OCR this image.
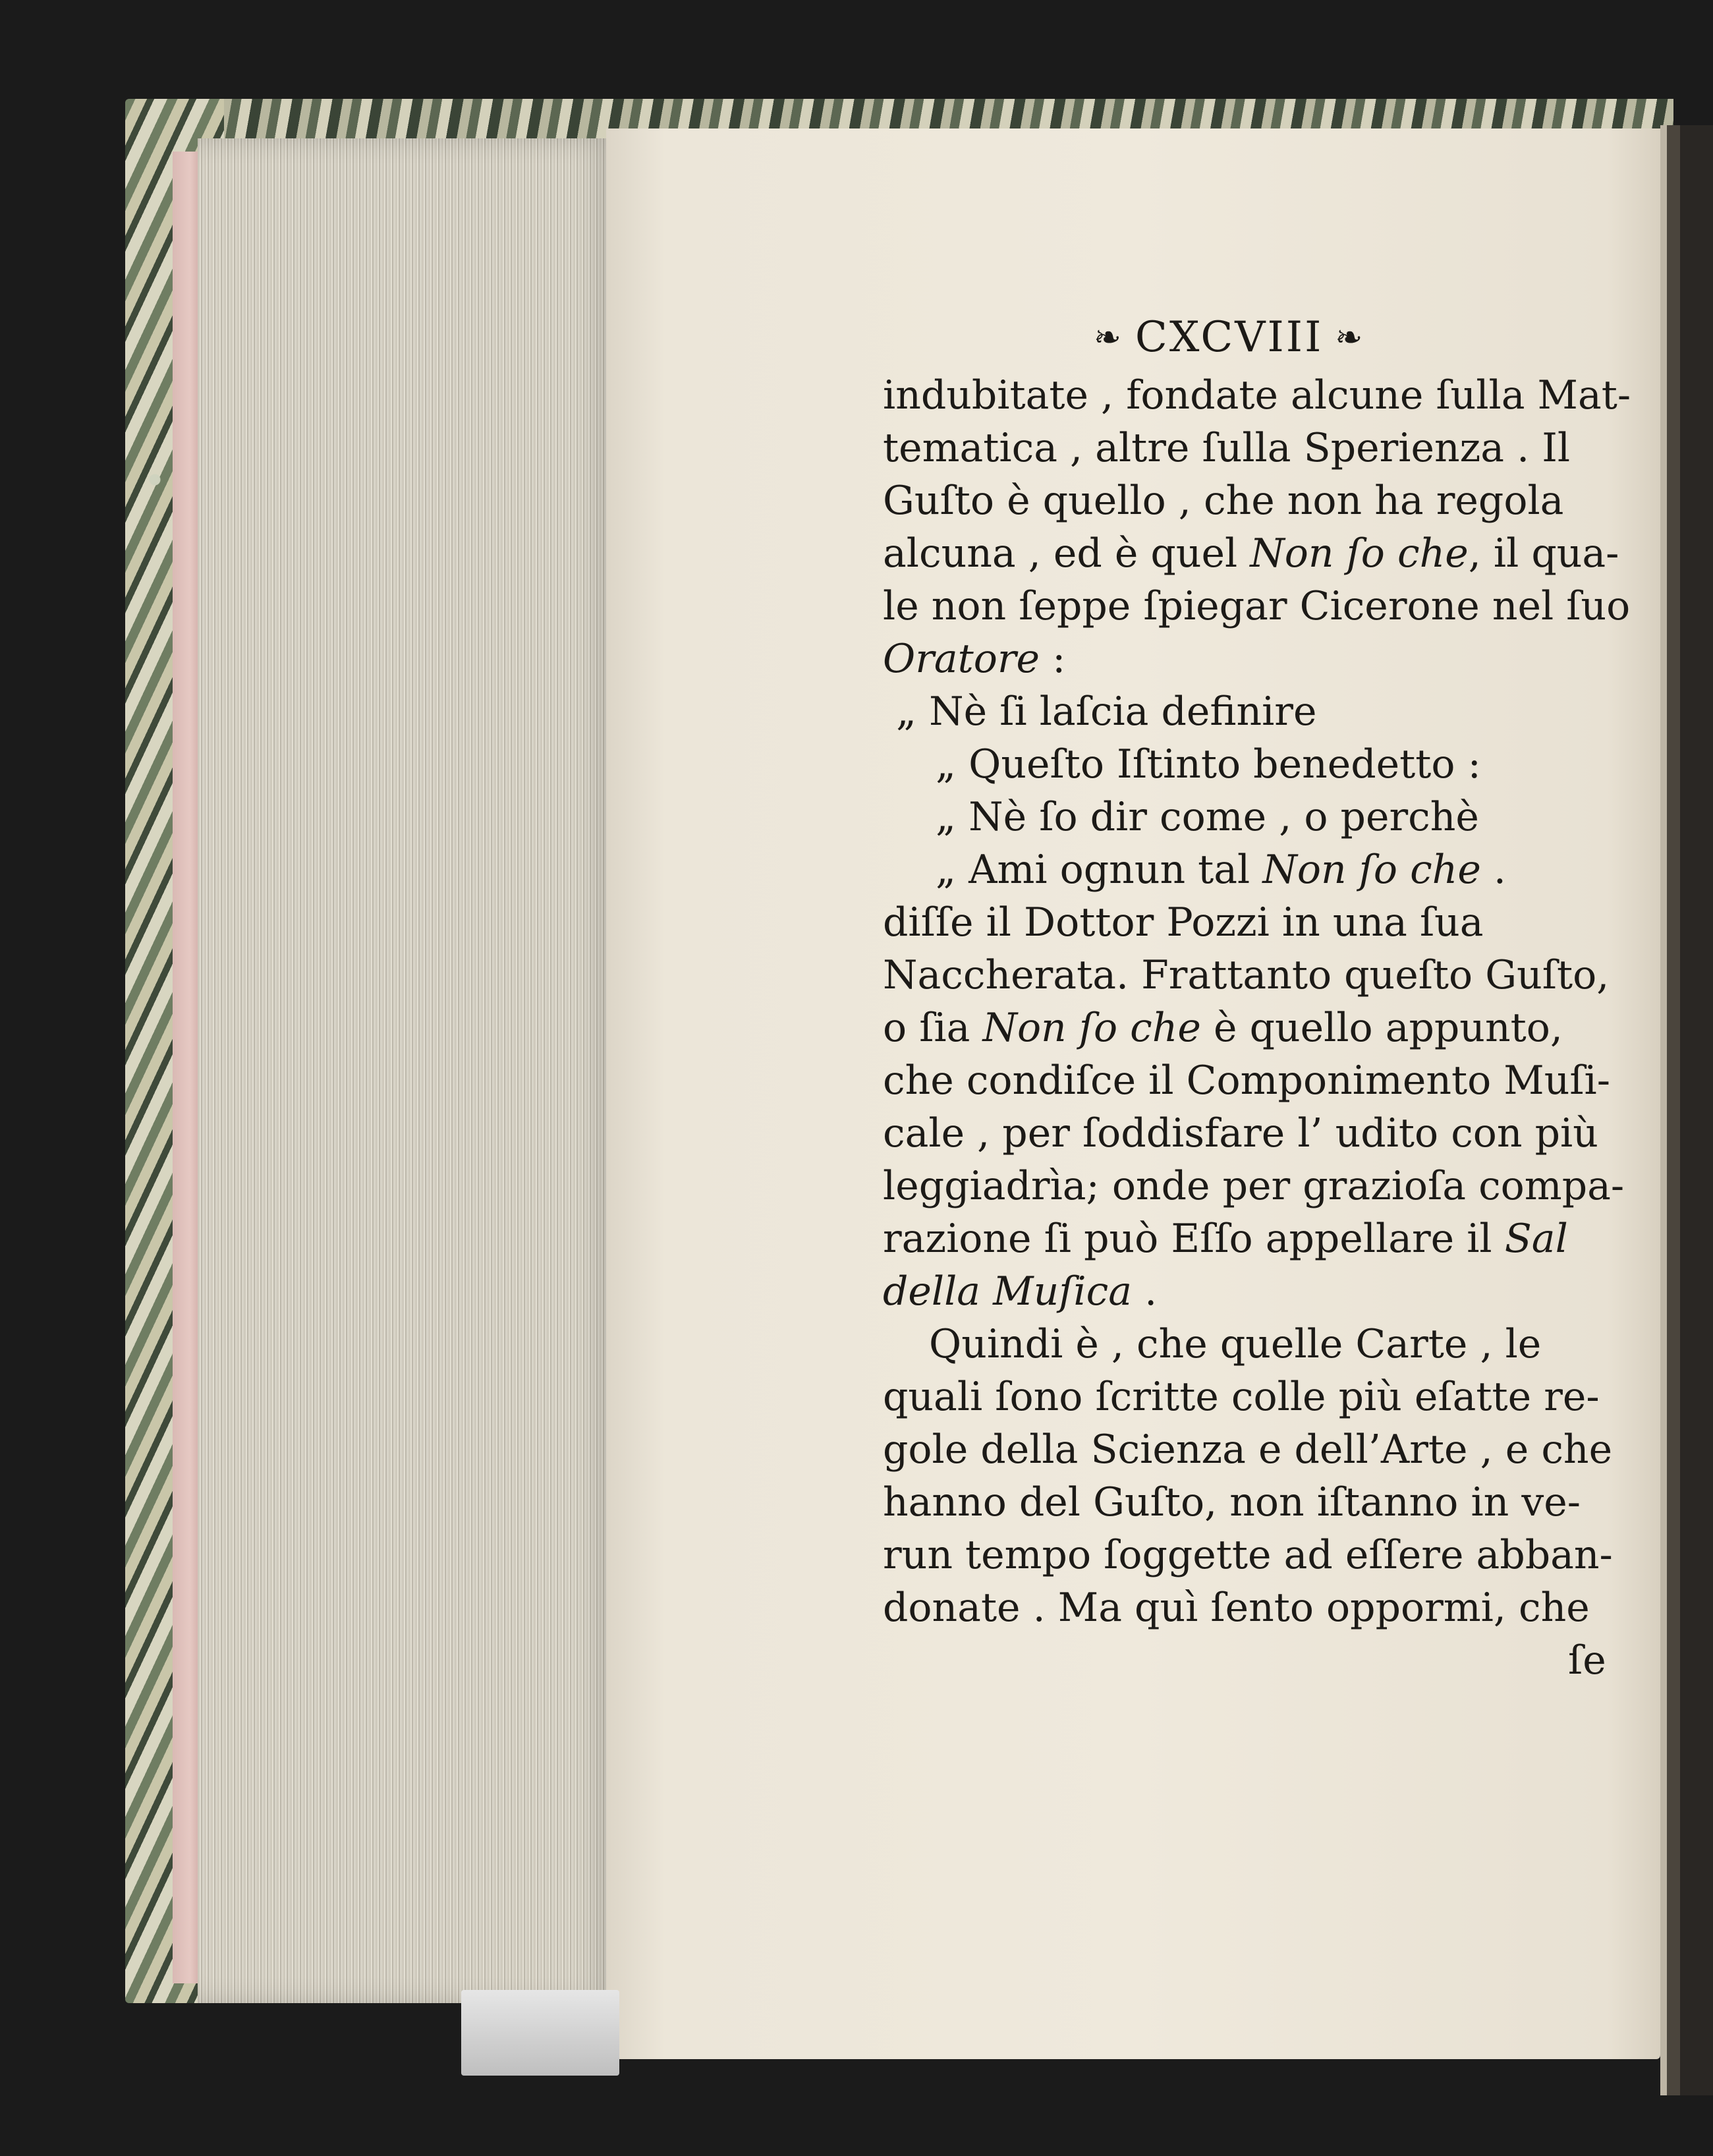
❧ CXCVIII ❧
indubitate , fondate alcune ſulla Mat-
tematica , altre ſulla Sperienza . Il
Guſto è quello , che non ha regola
alcuna , ed è quel Non ſo che, il qua-
le non ſeppe ſpiegar Cicerone nel ſuo
Oratore :
„ Nè ſi laſcia definire
„ Queſto Iſtinto benedetto :
„ Nè ſo dir come , o perchè
„ Ami ognun tal Non ſo che .
diſſe il Dottor Pozzi in una ſua
Naccherata. Frattanto queſto Guſto,
o ſia Non ſo che è quello appunto,
che condiſce il Componimento Muſi-
cale , per ſoddisfare l’ udito con più
leggiadrìa; onde per grazioſa compa-
razione ſi può Eſſo appellare il Sal
della Muſica .
Quindi è , che quelle Carte , le
quali ſono ſcritte colle più eſatte re-
gole della Scienza e dell’Arte , e che
hanno del Guſto, non iſtanno in ve-
run tempo ſoggette ad eſſere abban-
donate . Ma quì ſento oppormi, che
ſe
